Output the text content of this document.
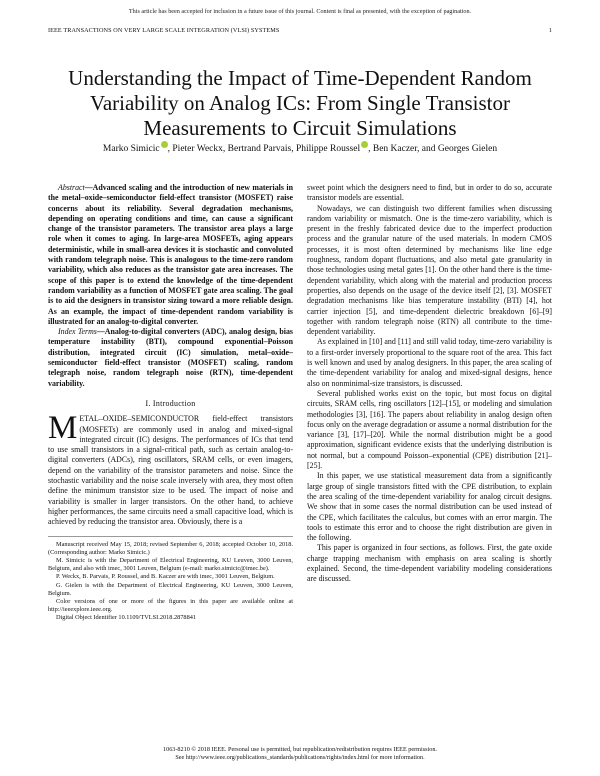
This article has been accepted for inclusion in a future issue of this journal. Content is final as presented, with the exception of pagination.
IEEE TRANSACTIONS ON VERY LARGE SCALE INTEGRATION (VLSI) SYSTEMS	1
Understanding the Impact of Time-Dependent Random Variability on Analog ICs: From Single Transistor Measurements to Circuit Simulations
Marko Simicic , Pieter Weckx, Bertrand Parvais, Philippe Roussel , Ben Kaczer, and Georges Gielen

Abstract—Advanced scaling and the introduction of new materials in the metal–oxide–semiconductor field-effect transistor (MOSFET) raise concerns about its reliability. Several degradation mechanisms, depending on operating conditions and time, can cause a significant change of the transistor parameters. The transistor area plays a large role when it comes to aging. In large-area MOSFETs, aging appears deterministic, while in small-area devices it is stochastic and convoluted with random telegraph noise. This is analogous to the time-zero random variability, which also reduces as the transistor gate area increases. The scope of this paper is to extend the knowledge of the time-dependent random variability as a function of MOSFET gate area scaling. The goal is to aid the designers in transistor sizing toward a more reliable design. As an example, the impact of time-dependent random variability is illustrated for an analog-to-digital converter.

Index Terms—Analog-to-digital converters (ADC), analog design, bias temperature instability (BTI), compound exponential–Poisson distribution, integrated circuit (IC) simulation, metal–oxide–semiconductor field-effect transistor (MOSFET) scaling, random telegraph noise, random telegraph noise (RTN), time-dependent variability.

I. Introduction

METAL–OXIDE–SEMICONDUCTOR field-effect transistors (MOSFETs) are commonly used in analog and mixed-signal integrated circuit (IC) designs. The performances of ICs that tend to use small transistors in a signal-critical path, such as certain analog-to-digital converters (ADCs), ring oscillators, SRAM cells, or even imagers, depend on the variability of the transistor parameters and noise. Since the stochastic variability and the noise scale inversely with area, they most often define the minimum transistor size to be used. The impact of noise and variability is smaller in larger transistors. On the other hand, to achieve higher performances, the same circuits need a small capacitive load, which is achieved by reducing the transistor area. Obviously, there is a

Manuscript received May 15, 2018; revised September 6, 2018; accepted October 10, 2018. (Corresponding author: Marko Simicic.)

M. Simicic is with the Department of Electrical Engineering, KU Leuven, 3000 Leuven, Belgium, and also with imec, 3001 Leuven, Belgium (e-mail: marko.simicic@imec.be).

P. Weckx, B. Parvais, P. Roussel, and B. Kaczer are with imec, 3001 Leuven, Belgium.

G. Gielen is with the Department of Electrical Engineering, KU Leuven, 3000 Leuven, Belgium.

Color versions of one or more of the figures in this paper are available online at http://ieeexplore.ieee.org.

Digital Object Identifier 10.1109/TVLSI.2018.2878841

sweet point which the designers need to find, but in order to do so, accurate transistor models are essential.

Nowadays, we can distinguish two different families when discussing random variability or mismatch. One is the time-zero variability, which is present in the freshly fabricated device due to the imperfect production process and the granular nature of the used materials. In modern CMOS processes, it is most often determined by mechanisms like line edge roughness, random dopant fluctuations, and also metal gate granularity in those technologies using metal gates [1]. On the other hand there is the time-dependent variability, which along with the material and production process properties, also depends on the usage of the device itself [2], [3]. MOSFET degradation mechanisms like bias temperature instability (BTI) [4], hot carrier injection [5], and time-dependent dielectric breakdown [6]–[9] together with random telegraph noise (RTN) all contribute to the time-dependent variability.

As explained in [10] and [11] and still valid today, time-zero variability is to a first-order inversely proportional to the square root of the area. This fact is well known and used by analog designers. In this paper, the area scaling of the time-dependent variability for analog and mixed-signal designs, hence also on nonminimal-size transistors, is discussed.

Several published works exist on the topic, but most focus on digital circuits, SRAM cells, ring oscillators [12]–[15], or modeling and simulation methodologies [3], [16]. The papers about reliability in analog design often focus only on the average degradation or assume a normal distribution for the variance [3], [17]–[20]. While the normal distribution might be a good approximation, significant evidence exists that the underlying distribution is not normal, but a compound Poisson–exponential (CPE) distribution [21]–[25].

In this paper, we use statistical measurement data from a significantly large group of single transistors fitted with the CPE distribution, to explain the area scaling of the time-dependent variability for analog circuit designs. We show that in some cases the normal distribution can be used instead of the CPE, which facilitates the calculus, but comes with an error margin. The tools to estimate this error and to choose the right distribution are given in the following.

This paper is organized in four sections, as follows. First, the gate oxide charge trapping mechanism with emphasis on area scaling is shortly explained. Second, the time-dependent variability modeling considerations are discussed.

1063-8210 © 2018 IEEE. Personal use is permitted, but republication/redistribution requires IEEE permission.
See http://www.ieee.org/publications_standards/publications/rights/index.html for more information.
